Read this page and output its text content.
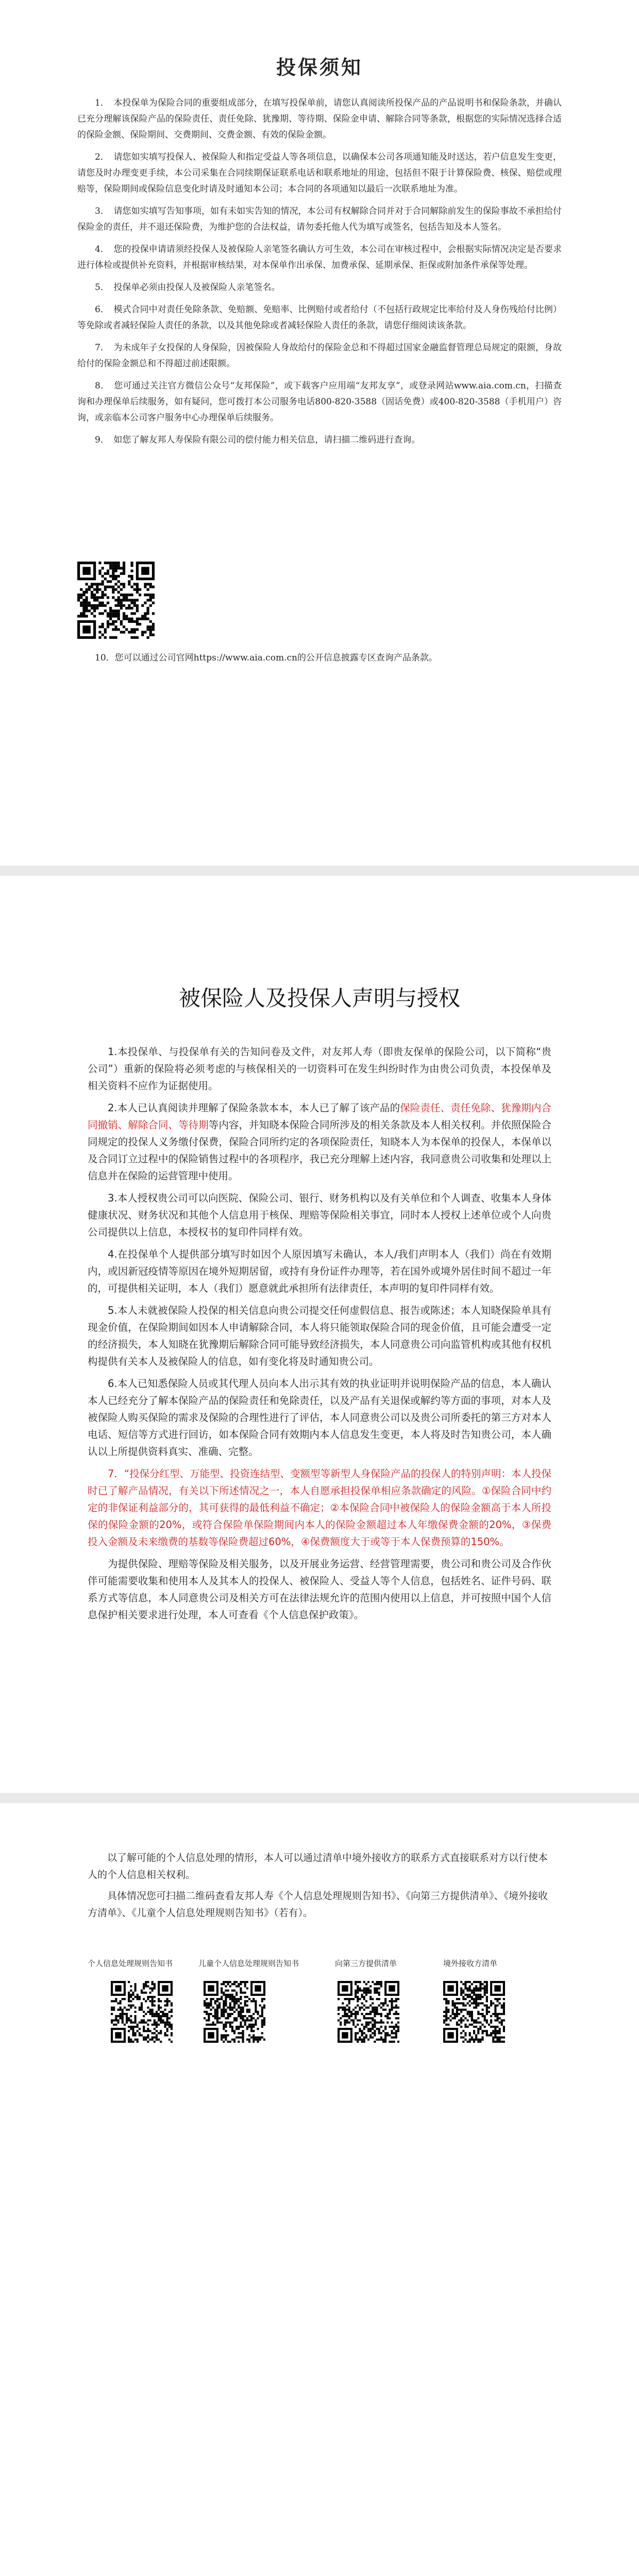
投保须知

1．　本投保单为保险合同的重要组成部分，在填写投保单前，请您认真阅读所投保产品的产品说明书和保险条款，并确认已充分理解该保险产品的保险责任、责任免除、犹豫期、等待期、保险金申请、解除合同等条款，根据您的实际情况选择合适的保险金额、保险期间、交费期间、交费金额、有效的保险金额。

2．　请您如实填写投保人、被保险人和指定受益人等各项信息，以确保本公司各项通知能及时送达，若户信息发生变更，请您及时办理变更手续，本公司采集在合同续期保证联系电话和联系地址的用途，包括但不限于计算保险费、核保、赔偿或理赔等，保险期间或保险信息变化时请及时通知本公司；本合同的各项通知以最后一次联系地址为准。

3．　请您如实填写告知事项，如有未如实告知的情况，本公司有权解除合同并对于合同解除前发生的保险事故不承担给付保险金的责任，并不退还保险费，为维护您的合法权益，请勿委托他人代为填写或签名，包括告知及本人签名。

4．　您的投保申请请须经投保人及被保险人亲笔签名确认方可生效，本公司在审核过程中，会根据实际情况决定是否要求进行体检或提供补充资料，并根据审核结果，对本保单作出承保、加费承保、延期承保、拒保或附加条件承保等处理。

5．　投保单必须由投保人及被保险人亲笔签名。

6．　模式合同中对责任免除条款、免赔额、免赔率、比例赔付或者给付（不包括行政规定比率给付及人身伤残给付比例）等免除或者减轻保险人责任的条款，以及其他免除或者减轻保险人责任的条款，请您仔细阅读该条款。

7．　为未成年子女投保的人身保险，因被保险人身故给付的保险金总和不得超过国家金融监督管理总局规定的限额，身故给付的保险金额总和不得超过前述限额。

8．　您可通过关注官方微信公众号“友邦保险”，或下载客户应用端“友邦友享”，或登录网站www.aia.com.cn，扫描查询和办理保单后续服务，如有疑问，您可拨打本公司服务电话800-820-3588（固话免费）或400-820-3588（手机用户）咨询，或亲临本公司客户服务中心办理保单后续服务。

9．　如您了解友邦人寿保险有限公司的偿付能力相关信息，请扫描二维码进行查询。

10．您可以通过公司官网https://www.aia.com.cn的公开信息披露专区查询产品条款。
被保险人及投保人声明与授权

1.本投保单、与投保单有关的告知问卷及文件，对友邦人寿（即贵友保单的保险公司，以下简称“贵公司”）重新的保险将必须考虑的与核保相关的一切资料可在发生纠纷时作为由贵公司负责，本投保单及相关资料不应作为证据使用。

2.本人已认真阅读并理解了保险条款本本，本人已了解了该产品的保险责任、责任免除、犹豫期内合同撤销、解除合同、等待期等内容，并知晓本保险合同所涉及的相关条款及本人相关权利。并依照保险合同规定的投保人义务缴付保费，保险合同所约定的各项保险责任，知晓本人为本保单的投保人，本保单以及合同订立过程中的保险销售过程中的各项程序，我已充分理解上述内容，我同意贵公司收集和处理以上信息并在保险的运营管理中使用。

3.本人授权贵公司可以向医院、保险公司、银行、财务机构以及有关单位和个人调查、收集本人身体健康状况、财务状况和其他个人信息用于核保、理赔等保险相关事宜，同时本人授权上述单位或个人向贵公司提供以上信息，本授权书的复印件同样有效。

4.在投保单个人提供部分填写时如因个人原因填写未确认，本人/我们声明本人（我们）尚在有效期内，或因新冠疫情等原因在境外短期居留，或持有身份证件办理等，若在国外或境外居住时间不超过一年的，可提供相关证明，本人（我们）愿意就此承担所有法律责任，本声明的复印件同样有效。

5.本人未就被保险人投保的相关信息向贵公司提交任何虚假信息、报告或陈述；本人知晓保险单具有现金价值，在保险期间如因本人申请解除合同，本人将只能领取保险合同的现金价值，且可能会遭受一定的经济损失，本人知晓在犹豫期后解除合同可能导致经济损失，本人同意贵公司向监管机构或其他有权机构提供有关本人及被保险人的信息，如有变化将及时通知贵公司。

6.本人已知悉保险人员或其代理人员向本人出示其有效的执业证明并说明保险产品的信息，本人确认本人已经充分了解本保险产品的保险责任和免除责任，以及产品有关退保或解约等方面的事项，对本人及被保险人购买保险的需求及保险的合理性进行了评估，本人同意贵公司以及贵公司所委托的第三方对本人电话、短信等方式进行回访，如本保险合同有效期内本人信息发生变更，本人将及时告知贵公司，本人确认以上所提供资料真实、准确、完整。

7．“投保分红型、万能型、投资连结型、变额型等新型人身保险产品的投保人的特别声明：本人投保时已了解产品情况，有关以下所述情况之一，本人自愿承担投保单相应条款确定的风险。①保险合同中约定的非保证利益部分的，其可获得的最低利益不确定；②本保险合同中被保险人的保险金额高于本人所投保的保险金额的20%，或符合保险单保险期间内本人的保险金额超过本人年缴保费金额的20%，③保费投入金额及未来缴费的基数等保险费超过60%，④保费额度大于或等于本人保费预算的150%。

为提供保险、理赔等保险及相关服务，以及开展业务运营、经营管理需要，贵公司和贵公司及合作伙伴可能需要收集和使用本人及其本人的投保人、被保险人、受益人等个人信息，包括姓名、证件号码、联系方式等信息，本人同意贵公司及相关方可在法律法规允许的范围内使用以上信息，并可按照中国个人信息保护相关要求进行处理，本人可查看《个人信息保护政策》。

以了解可能的个人信息处理的情形，本人可以通过清单中境外接收方的联系方式直接联系对方以行使本人的个人信息相关权利。

具体情况您可扫描二维码查看友邦人寿《个人信息处理规则告知书》、《向第三方提供清单》、《境外接收方清单》、《儿童个人信息处理规则告知书》（若有）。

个人信息处理规则告知书	儿童个人信息处理规则告知书	向第三方提供清单	境外接收方清单
